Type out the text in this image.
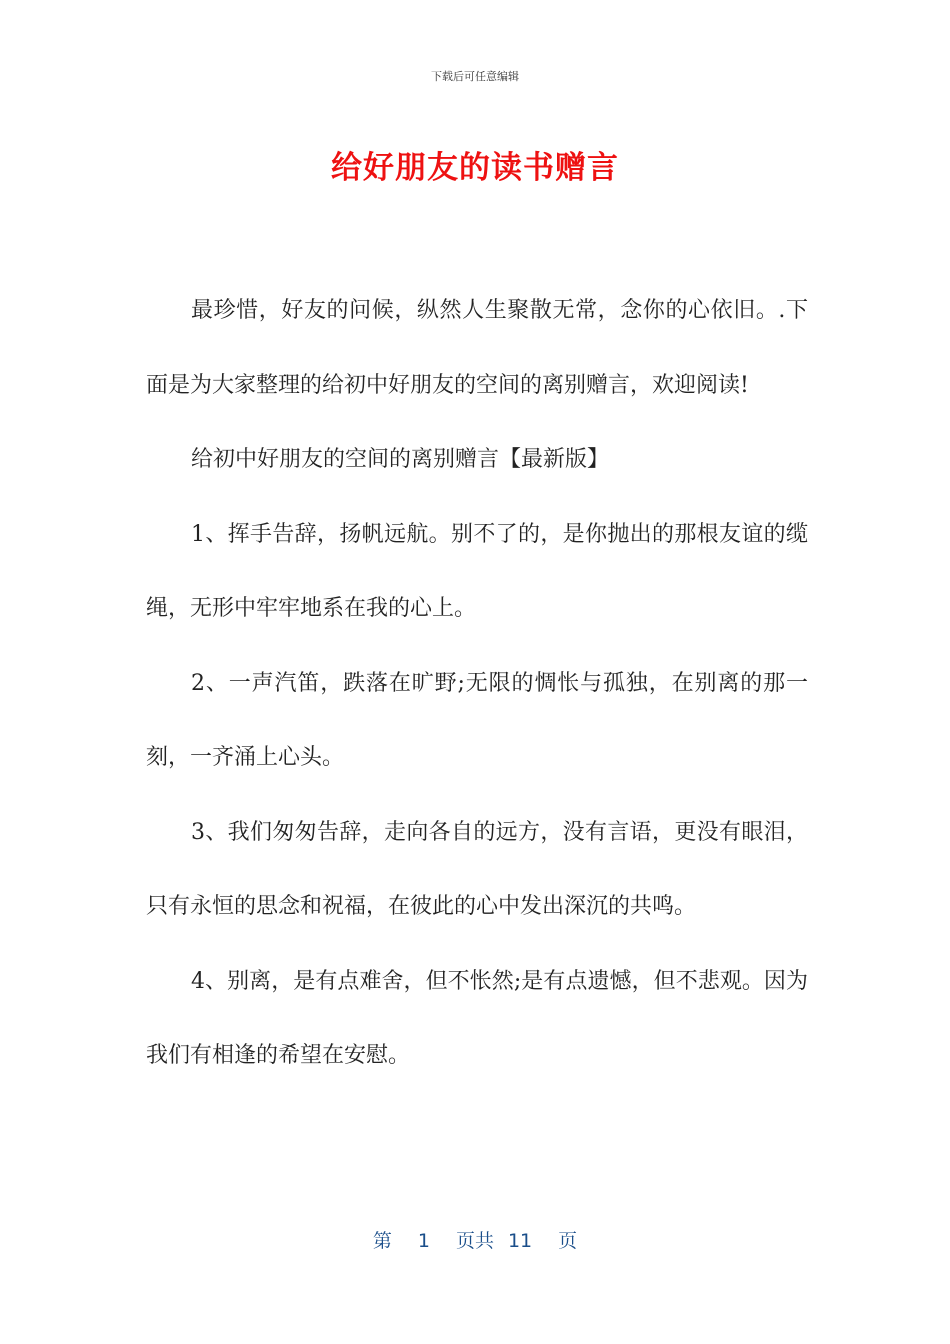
下载后可任意编辑
给好朋友的读书赠言

最珍惜，好友的问候，纵然人生聚散无常，念你的心依旧。.下面是为大家整理的给初中好朋友的空间的离别赠言，欢迎阅读!

给初中好朋友的空间的离别赠言【最新版】

1、挥手告辞，扬帆远航。别不了的，是你抛出的那根友谊的缆绳，无形中牢牢地系在我的心上。

2、一声汽笛，跌落在旷野;无限的惆怅与孤独，在别离的那一刻，一齐涌上心头。

3、我们匆匆告辞，走向各自的远方，没有言语，更没有眼泪，只有永恒的思念和祝福，在彼此的心中发出深沉的共鸣。

4、别离，是有点难舍，但不怅然;是有点遗憾，但不悲观。因为我们有相逢的希望在安慰。

第 1 页共 11 页
